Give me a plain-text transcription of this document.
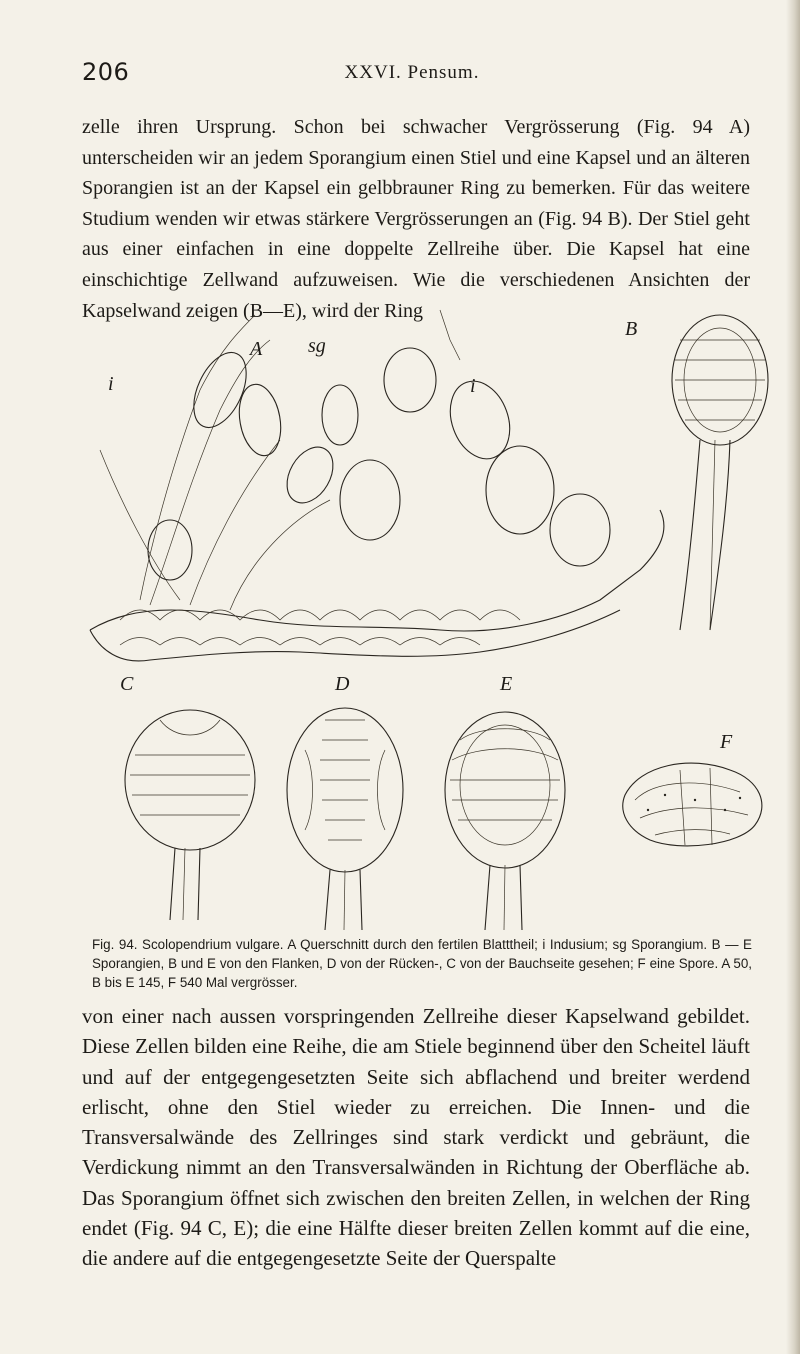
206	XXVI. Pensum.
zelle ihren Ursprung. Schon bei schwacher Vergrösserung (Fig. 94 A) unterscheiden wir an jedem Sporangium einen Stiel und eine Kapsel und an älteren Sporangien ist an der Kapsel ein gelbbrauner Ring zu bemerken. Für das weitere Studium wenden wir etwas stärkere Vergrösserungen an (Fig. 94 B). Der Stiel geht aus einer einfachen in eine doppelte Zellreihe über. Die Kapsel hat eine einschichtige Zellwand aufzuweisen. Wie die verschiedenen Ansichten der Kapselwand zeigen (B—E), wird der Ring
A sg
i	i
B
C	D	E
F

Fig. 94. Scolopendrium vulgare. A Querschnitt durch den fertilen Blatttheil; i Indusium; sg Sporangium. B — E Sporangien, B und E von den Flanken, D von der Rücken-, C von der Bauchseite gesehen; F eine Spore. A 50, B bis E 145, F 540 Mal vergrösser.

von einer nach aussen vorspringenden Zellreihe dieser Kapselwand gebildet. Diese Zellen bilden eine Reihe, die am Stiele beginnend über den Scheitel läuft und auf der entgegengesetzten Seite sich abflachend und breiter werdend erlischt, ohne den Stiel wieder zu erreichen. Die Innen- und die Transversalwände des Zellringes sind stark verdickt und gebräunt, die Verdickung nimmt an den Transversalwänden in Richtung der Oberfläche ab. Das Sporangium öffnet sich zwischen den breiten Zellen, in welchen der Ring endet (Fig. 94 C, E); die eine Hälfte dieser breiten Zellen kommt auf die eine, die andere auf die entgegengesetzte Seite der Querspalte
